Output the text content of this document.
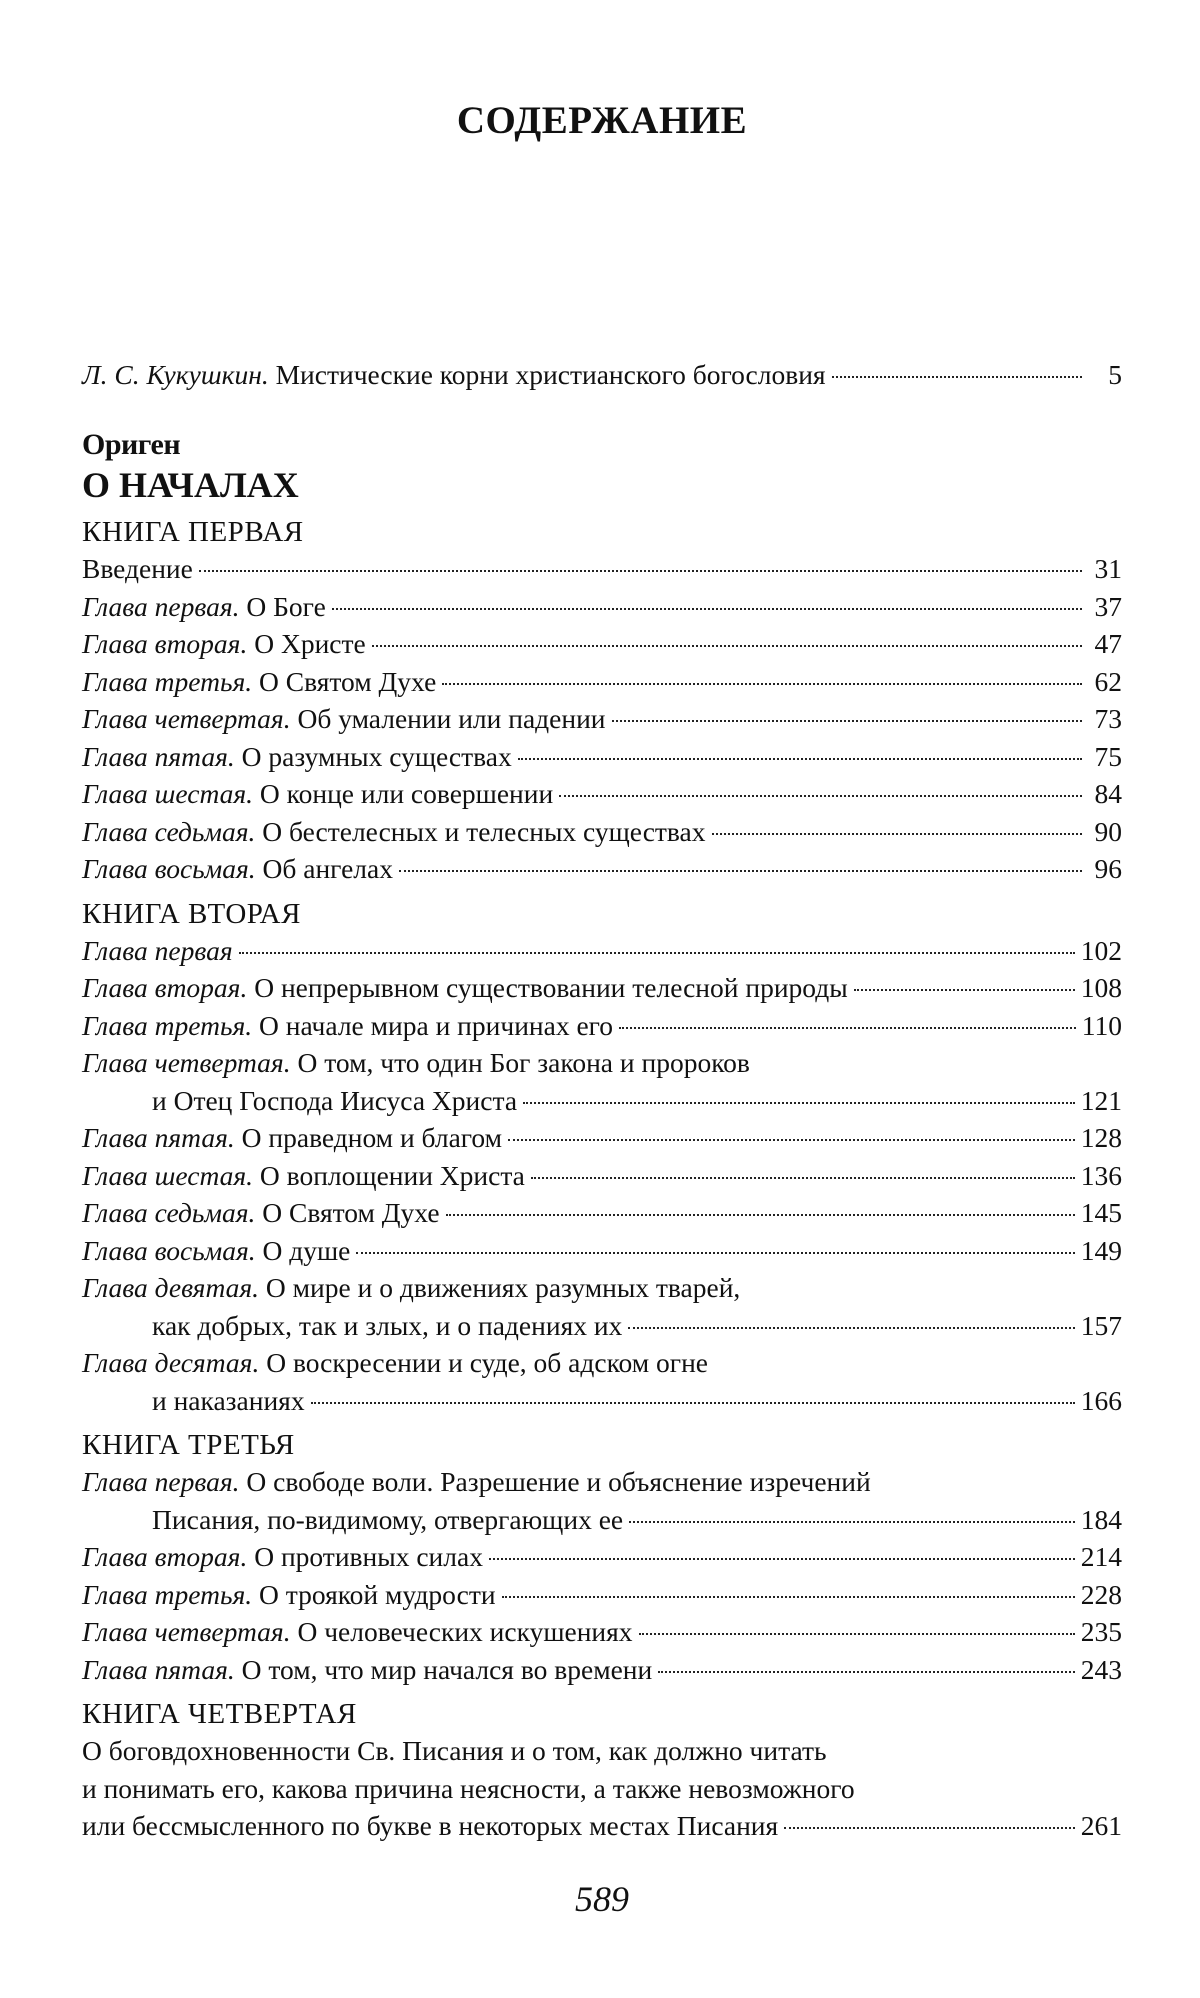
СОДЕРЖАНИЕ
Л. С. Кукушкин. Мистические корни христианского богословия	5
Ориген
О НАЧАЛАХ
КНИГА ПЕРВАЯ
Введение	31
Глава первая. О Боге	37
Глава вторая. О Христе	47
Глава третья. О Святом Духе	62
Глава четвертая. Об умалении или падении	73
Глава пятая. О разумных существах	75
Глава шестая. О конце или совершении	84
Глава седьмая. О бестелесных и телесных существах	90
Глава восьмая. Об ангелах	96
КНИГА ВТОРАЯ
Глава первая	102
Глава вторая. О непрерывном существовании телесной природы	108
Глава третья. О начале мира и причинах его	110
Глава четвертая. О том, что один Бог закона и пророков
и Отец Господа Иисуса Христа	121
Глава пятая. О праведном и благом	128
Глава шестая. О воплощении Христа	136
Глава седьмая. О Святом Духе	145
Глава восьмая. О душе	149
Глава девятая. О мире и о движениях разумных тварей,
как добрых, так и злых, и о падениях их	157
Глава десятая. О воскресении и суде, об адском огне
и наказаниях	166
КНИГА ТРЕТЬЯ
Глава первая. О свободе воли. Разрешение и объяснение изречений
Писания, по-видимому, отвергающих ее	184
Глава вторая. О противных силах	214
Глава третья. О троякой мудрости	228
Глава четвертая. О человеческих искушениях	235
Глава пятая. О том, что мир начался во времени	243
КНИГА ЧЕТВЕРТАЯ
О боговдохновенности Св. Писания и о том, как должно читать
и понимать его, какова причина неясности, а также невозможного
или бессмысленного по букве в некоторых местах Писания	261
589
